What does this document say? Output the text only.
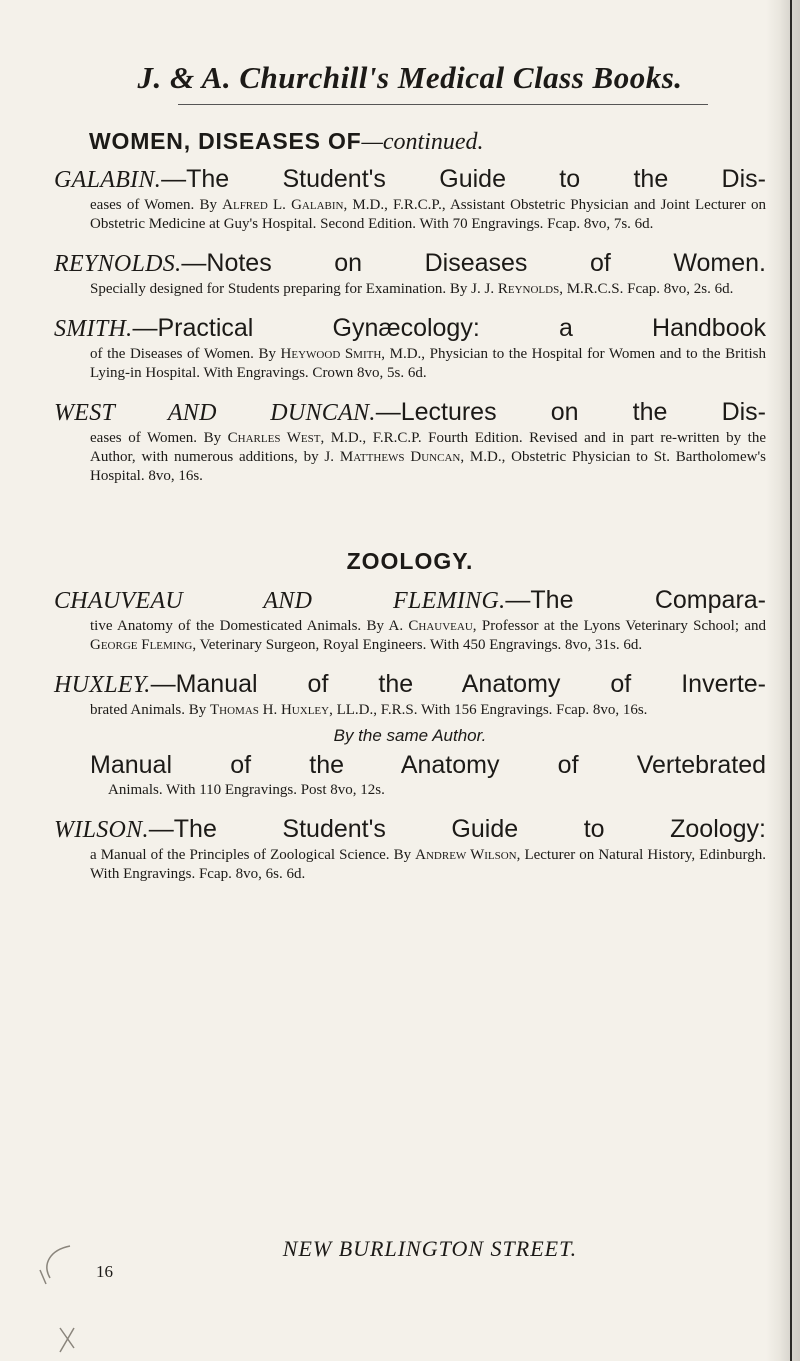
J. & A. Churchill's Medical Class Books.
WOMEN, DISEASES OF—continued.
GALABIN.—The Student's Guide to the Dis-
eases of Women. By Alfred L. Galabin, M.D., F.R.C.P., Assistant Obstetric Physician and Joint Lecturer on Obstetric Medicine at Guy's Hospital. Second Edition. With 70 Engravings. Fcap. 8vo, 7s. 6d.
REYNOLDS.—Notes on Diseases of Women.
Specially designed for Students preparing for Examination. By J. J. Reynolds, M.R.C.S. Fcap. 8vo, 2s. 6d.
SMITH.—Practical Gynæcology: a Handbook
of the Diseases of Women. By Heywood Smith, M.D., Physician to the Hospital for Women and to the British Lying-in Hospital. With Engravings. Crown 8vo, 5s. 6d.
WEST AND DUNCAN.—Lectures on the Dis-
eases of Women. By Charles West, M.D., F.R.C.P. Fourth Edition. Revised and in part re-written by the Author, with numerous additions, by J. Matthews Duncan, M.D., Obstetric Physician to St. Bartholomew's Hospital. 8vo, 16s.
ZOOLOGY.
CHAUVEAU AND FLEMING.—The Compara-
tive Anatomy of the Domesticated Animals. By A. Chauveau, Professor at the Lyons Veterinary School; and George Fleming, Veterinary Surgeon, Royal Engineers. With 450 Engravings. 8vo, 31s. 6d.
HUXLEY.—Manual of the Anatomy of Inverte-
brated Animals. By Thomas H. Huxley, LL.D., F.R.S. With 156 Engravings. Fcap. 8vo, 16s.
By the same Author.
Manual of the Anatomy of Vertebrated
Animals. With 110 Engravings. Post 8vo, 12s.
WILSON.—The Student's Guide to Zoology:
a Manual of the Principles of Zoological Science. By Andrew Wilson, Lecturer on Natural History, Edinburgh. With Engravings. Fcap. 8vo, 6s. 6d.
NEW BURLINGTON STREET.
16
